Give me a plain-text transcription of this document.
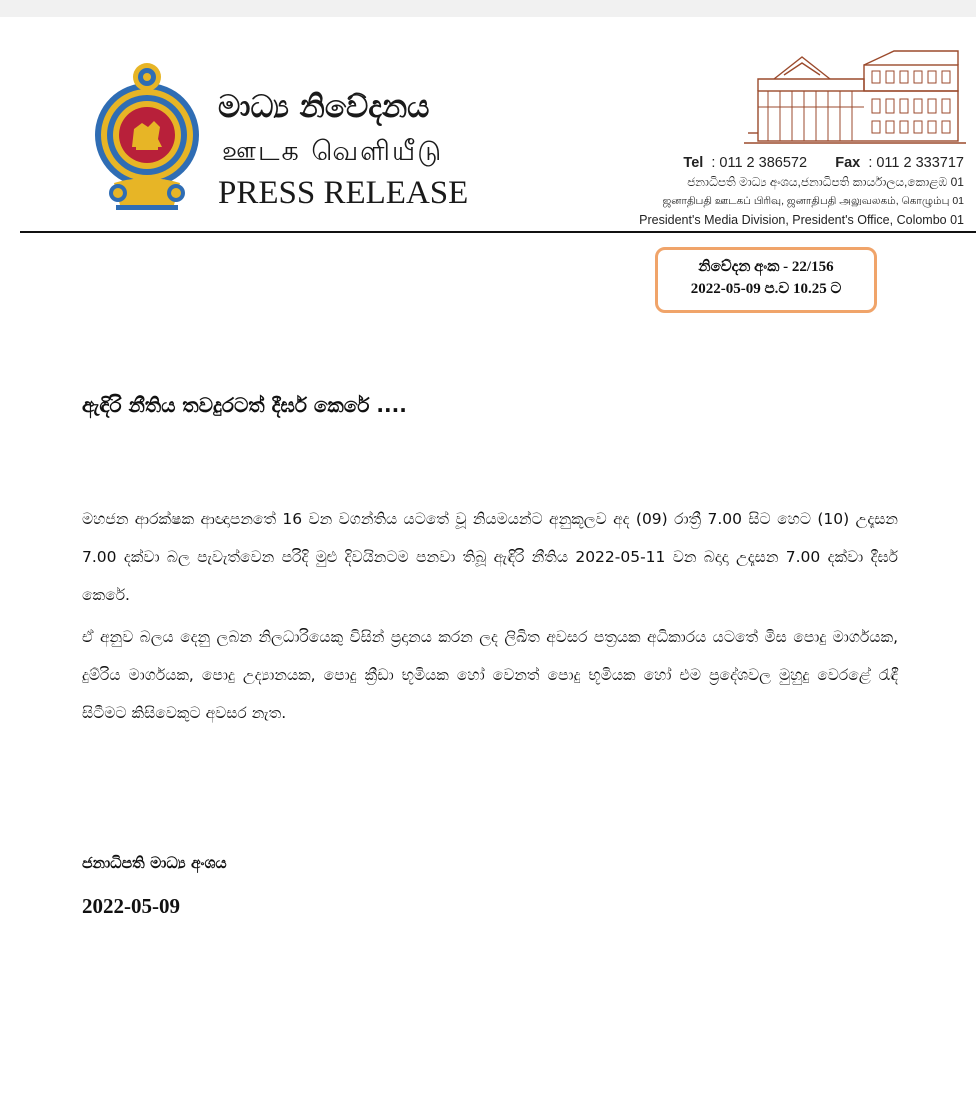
මාධ්‍ය නිවේදනය
ஊடக வெளியீடு
PRESS RELEASE
Tel : 011 2 386572 Fax : 011 2 333717
ජනාධිපති මාධ්‍ය අංශය,ජනාධිපති කාර්යාලය,කොළඹ 01
ஜனாதிபதி ஊடகப் பிரிவு, ஜனாதிபதி அலுவலகம், கொழும்பு 01
President's Media Division, President's Office, Colombo 01
නිවේදන අංක - 22/156
2022-05-09 ප.ව 10.25 ට
ඇඳිරි නීතිය තවදුරටත් දීර්ඝ කෙරේ ....
මහජන ආරක්ෂක ආඥාපනතේ 16 වන වගන්තිය යටතේ වූ නියමයන්ට අනුකූලව අද (09) රාත්‍රී 7.00 සිට හෙට (10) උදෑසන 7.00 දක්වා බල පැවැත්වෙන පරිදි මුළු දිවයිනටම පනවා තිබූ ඇඳිරි නීතිය 2022-05-11 වන බදාදා උදෑසන 7.00 දක්වා දීර්ඝ කෙරේ.
ඒ අනුව බලය දෙනු ලබන නිලධාරියෙකු විසින් ප්‍රදානය කරන ලද ලිඛිත අවසර පත්‍රයක අධිකාරය යටතේ මිස පොදු මාර්ගයක, දුම්රිය මාර්ගයක, පොදු උද්‍යානයක, පොදු ක්‍රීඩා භූමියක හෝ වෙනත් පොදු භූමියක හෝ එම ප්‍රදේශවල මුහුදු වෙරළේ රැඳී සිටීමට කිසිවෙකුට අවසර නැත.
ජනාධිපති මාධ්‍ය අංශය
2022-05-09
